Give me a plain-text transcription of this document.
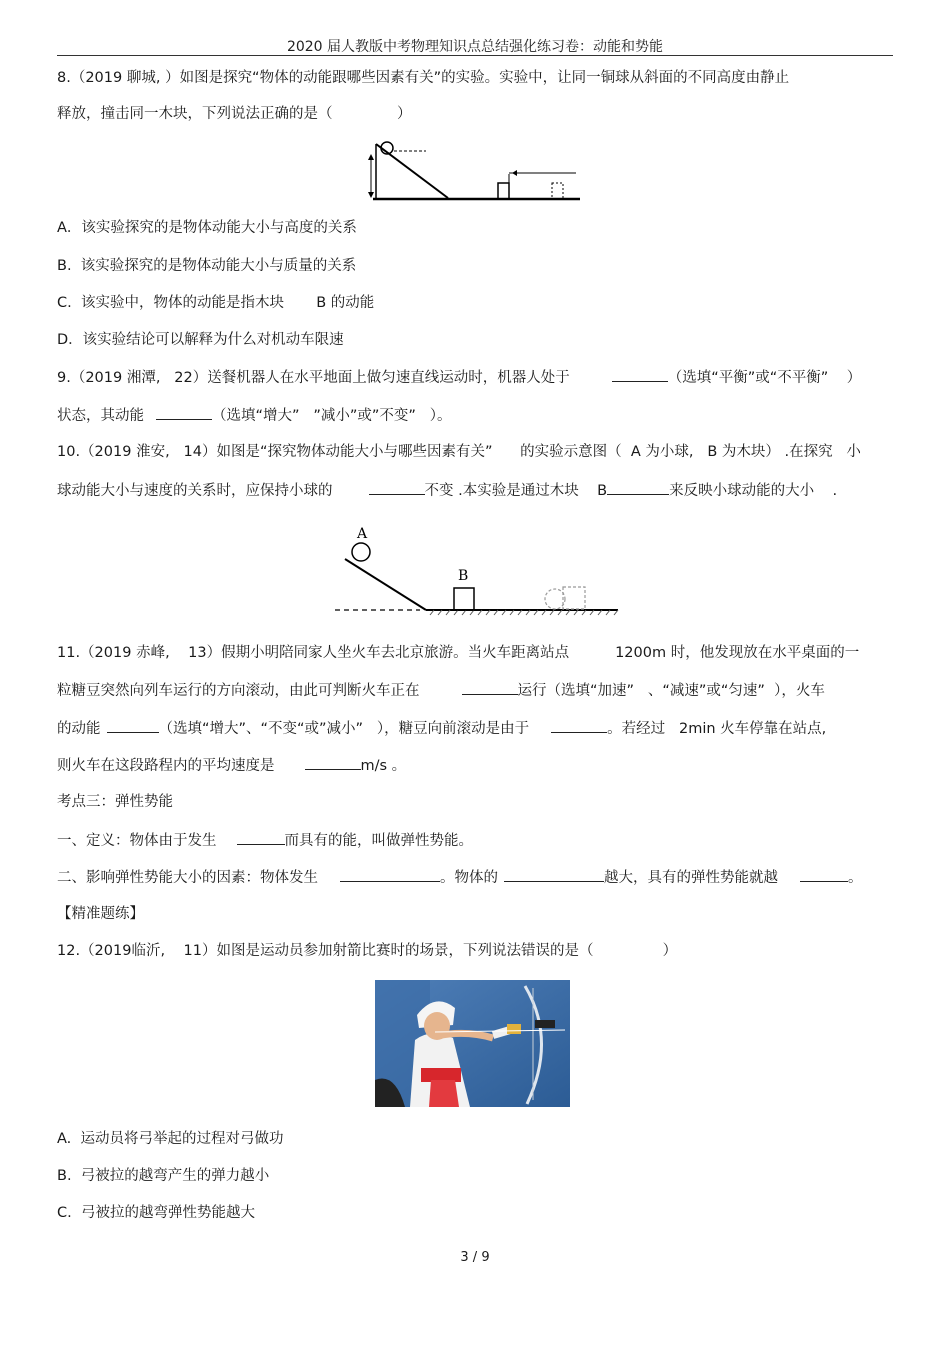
2020 届人教版中考物理知识点总结强化练习卷：动能和势能
8.（2019 聊城, ）如图是探究“物体的动能跟哪些因素有关”的实验。实验中，让同一铜球从斜面的不同高度由静止
释放，撞击同一木块，下列说法正确的是（              ）
A．该实验探究的是物体动能大小与高度的关系
B.  该实验探究的是物体动能大小与质量的关系
C.  该实验中，物体的动能是指木块       B 的动能
D．该实验结论可以解释为什么对机动车限速
9.（2019 湘潭,   22）送餐机器人在水平地面上做匀速直线运动时，机器人处于	（选填“平衡”或“不平衡”    ）
状态，其动能	（选填“增大”   ”减小”或”不变”   ）。
10.（2019 淮安,   14）如图是“探究物体动能大小与哪些因素有关”      的实验示意图（  A 为小球,   B 为木块） .在探究   小
球动能大小与速度的关系时，应保持小球的	不变 .本实验是通过木块    B	来反映小球动能的大小    .
A
B
11.（2019 赤峰,    13）假期小明陪同家人坐火车去北京旅游。当火车距离站点	1200m 时，他发现放在水平桌面的一
粒糖豆突然向列车运行的方向滚动，由此可判断火车正在	运行（选填“加速”   、“减速”或“匀速”  ），火车
的动能	（选填“增大”、“不变“或”减小”   ），糖豆向前滚动是由于	。若经过   2min 火车停靠在站点,
则火车在这段路程内的平均速度是	m/s 。
考点三：弹性势能
一、定义：物体由于发生	而具有的能，叫做弹性势能。
二、影响弹性势能大小的因素：物体发生	。物体的	越大，具有的弹性势能就越	。
【精准题练】
12.（2019临沂,    11）如图是运动员参加射箭比赛时的场景，下列说法错误的是（               ）
A.  运动员将弓举起的过程对弓做功
B.  弓被拉的越弯产生的弹力越小
C.  弓被拉的越弯弹性势能越大
3 / 9
